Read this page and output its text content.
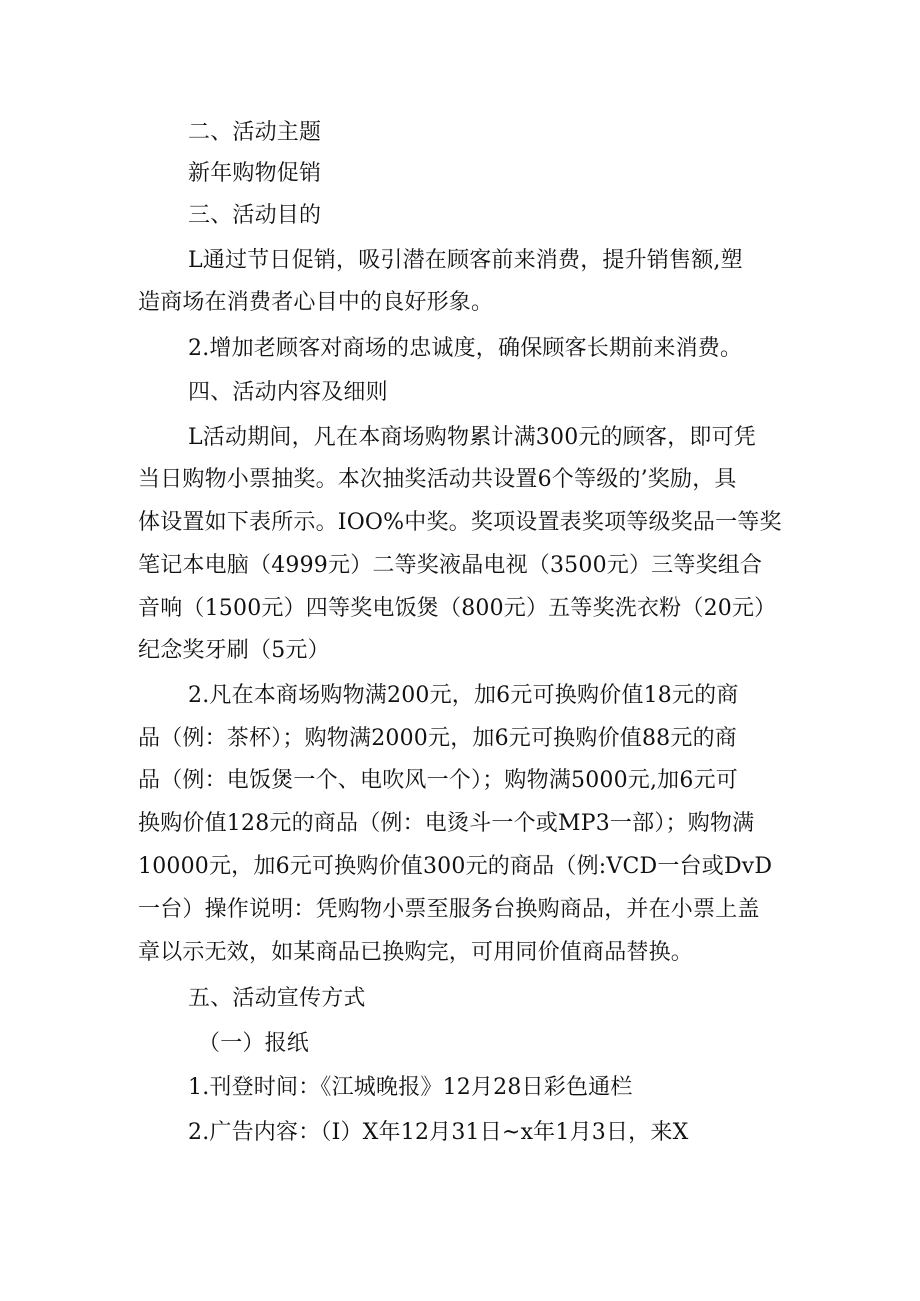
二、活动主题
新年购物促销
三、活动目的
L通过节日促销，吸引潜在顾客前来消费，提升销售额,塑
造商场在消费者心目中的良好形象。
2.增加老顾客对商场的忠诚度，确保顾客长期前来消费。
四、活动内容及细则
L活动期间，凡在本商场购物累计满300元的顾客，即可凭
当日购物小票抽奖。本次抽奖活动共设置6个等级的’奖励，具
体设置如下表所示。IOO%中奖。奖项设置表奖项等级奖品一等奖
笔记本电脑（4999元）二等奖液晶电视（3500元）三等奖组合
音响（1500元）四等奖电饭煲（800元）五等奖洗衣粉（20元）
纪念奖牙刷（5元）
2.凡在本商场购物满200元，加6元可换购价值18元的商
品（例：茶杯）；购物满2000元，加6元可换购价值88元的商
品（例：电饭煲一个、电吹风一个）；购物满5000元,加6元可
换购价值128元的商品（例：电烫斗一个或MP3一部）；购物满
10000元，加6元可换购价值300元的商品（例:VCD一台或DvD
一台）操作说明：凭购物小票至服务台换购商品，并在小票上盖
章以示无效，如某商品已换购完，可用同价值商品替换。
五、活动宣传方式
（一）报纸
1.刊登时间：《江城晚报》12月28日彩色通栏
2.广告内容：（I）X年12月31日~x年1月3日，来X
